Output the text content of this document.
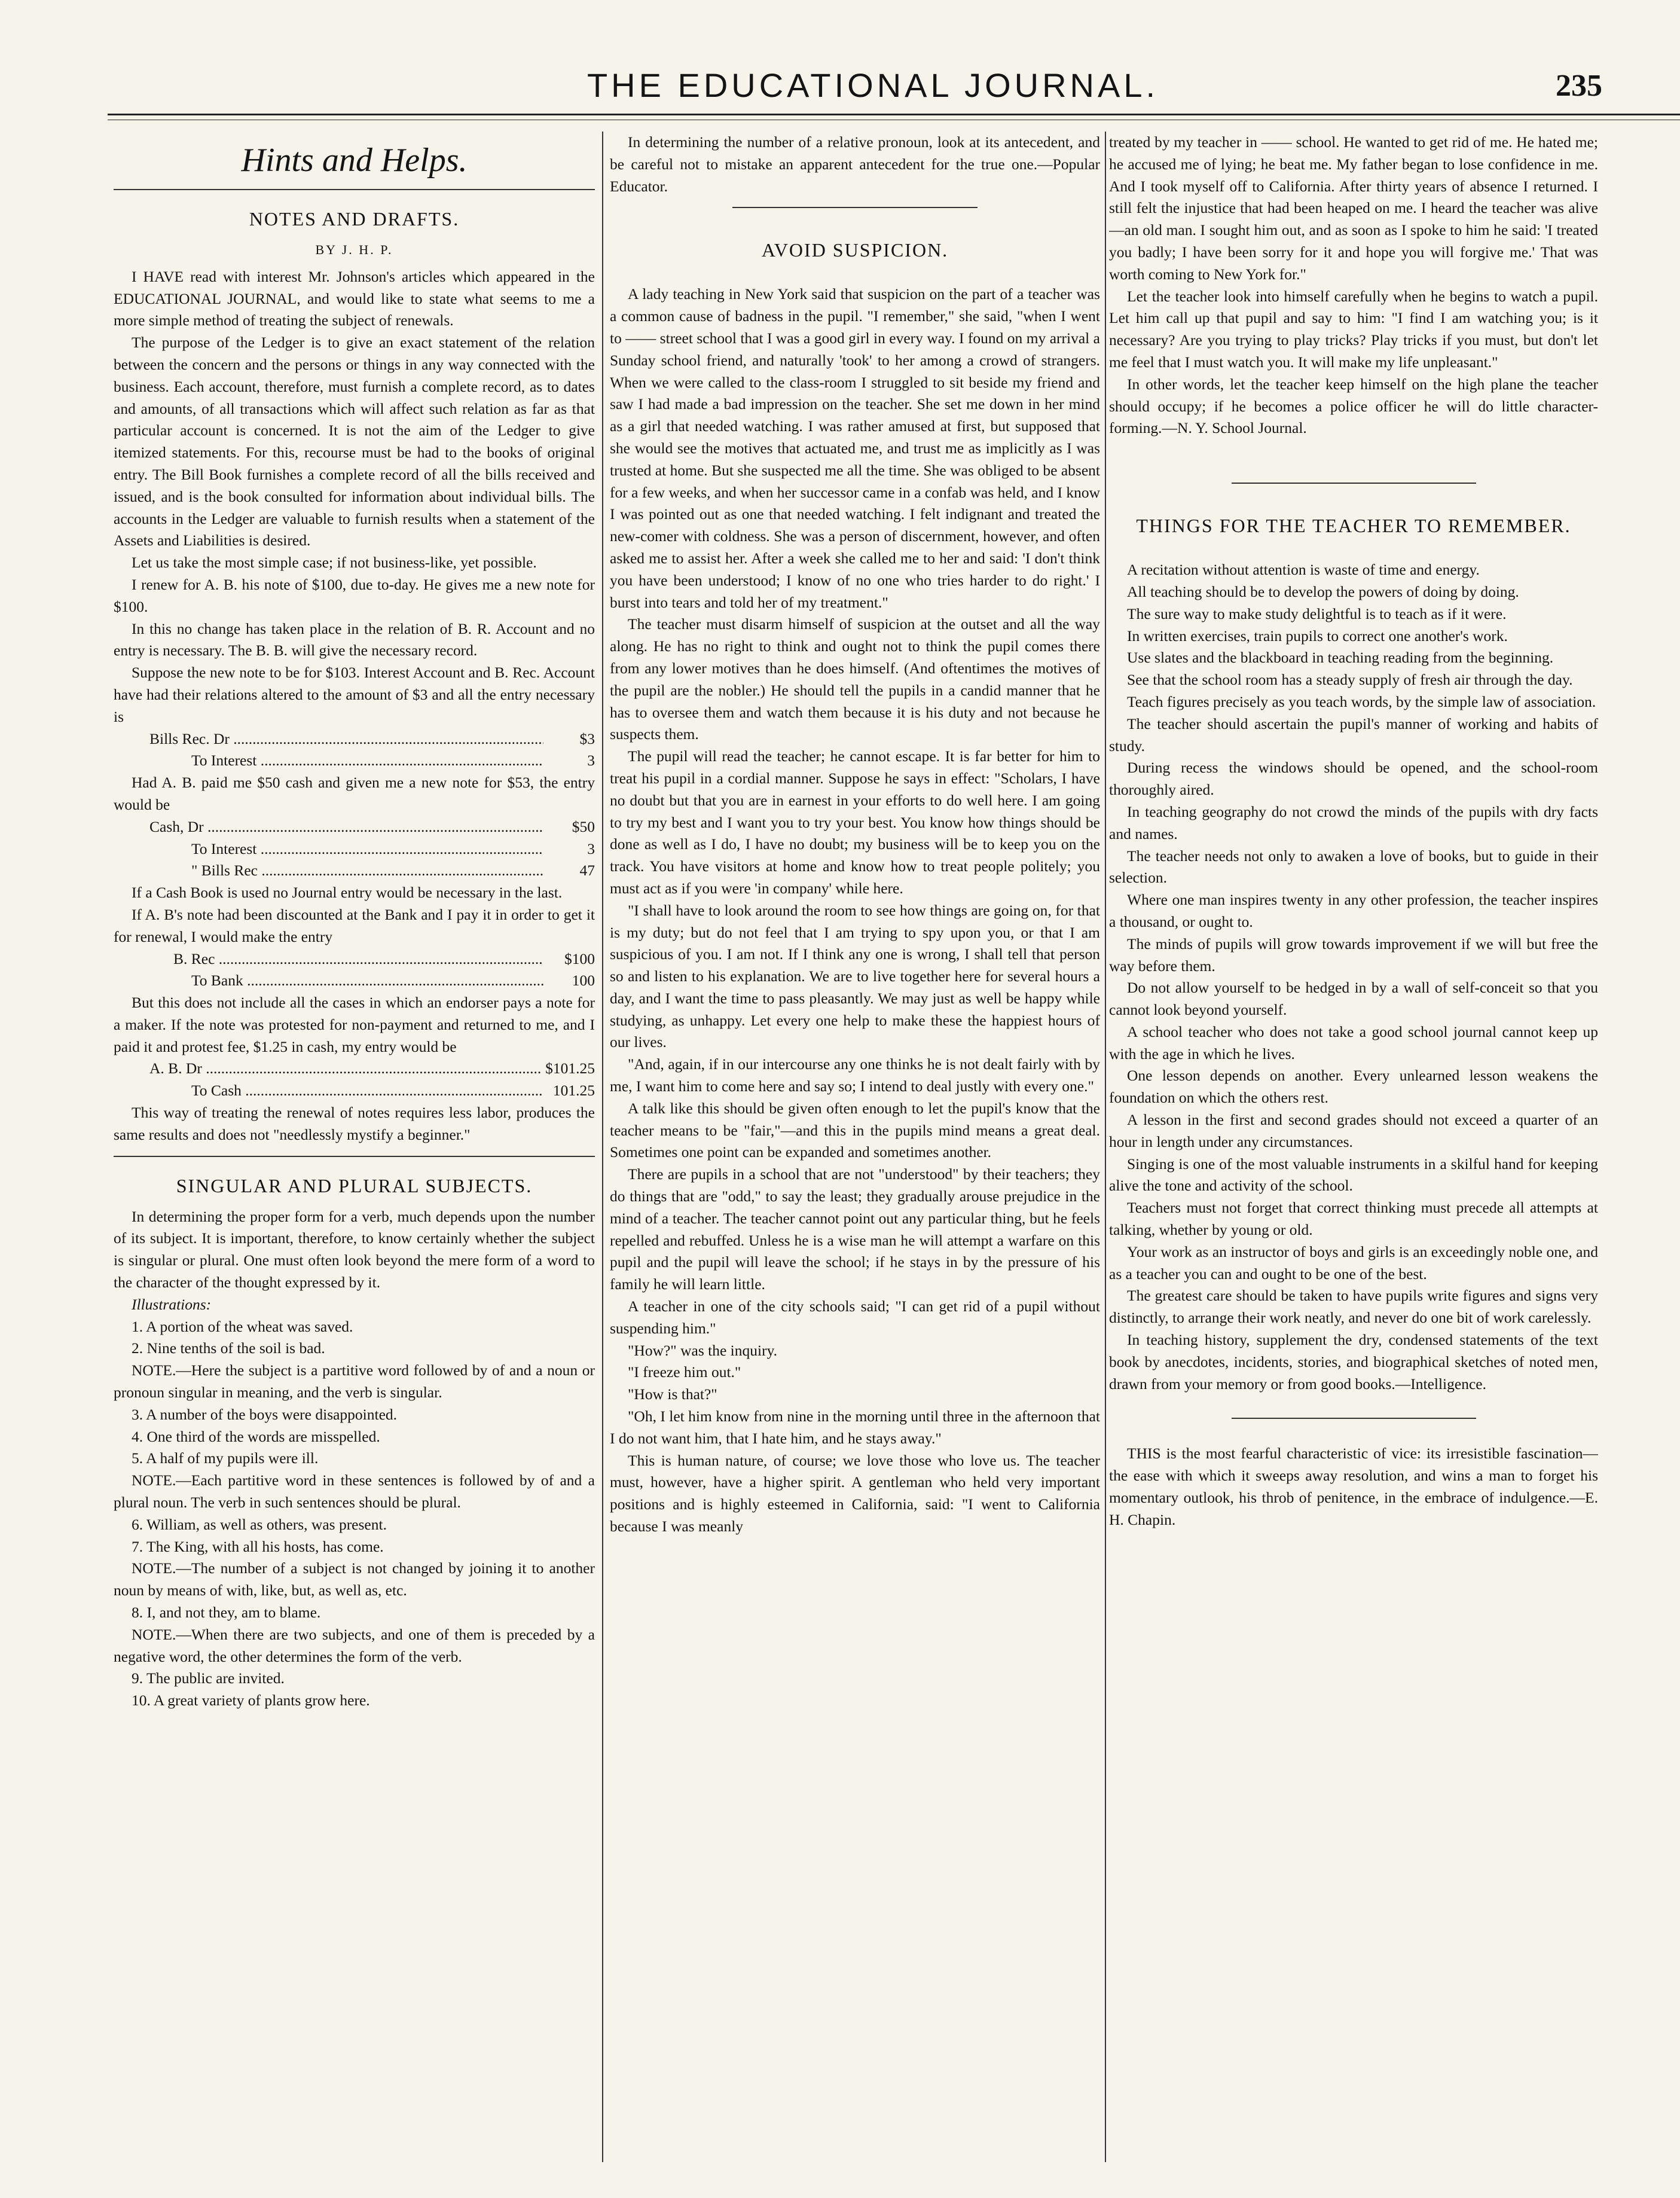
THE EDUCATIONAL JOURNAL.	235
Hints and Helps.
NOTES AND DRAFTS.
BY J. H. P.

I HAVE read with interest Mr. Johnson's articles which appeared in the EDUCATIONAL JOURNAL, and would like to state what seems to me a more simple method of treating the subject of renewals.

The purpose of the Ledger is to give an exact statement of the relation between the concern and the persons or things in any way connected with the business. Each account, therefore, must furnish a complete record, as to dates and amounts, of all transactions which will affect such relation as far as that particular account is concerned. It is not the aim of the Ledger to give itemized statements. For this, recourse must be had to the books of original entry. The Bill Book furnishes a complete record of all the bills received and issued, and is the book consulted for information about individual bills. The accounts in the Ledger are valuable to furnish results when a statement of the Assets and Liabilities is desired.

Let us take the most simple case; if not business-like, yet possible.

I renew for A. B. his note of $100, due to-day. He gives me a new note for $100.

In this no change has taken place in the relation of B. R. Account and no entry is necessary. The B. B. will give the necessary record.

Suppose the new note to be for $103. Interest Account and B. Rec. Account have had their relations altered to the amount of $3 and all the entry necessary is

Bills Rec. Dr .....	$3
To Interest .....	3

Had A. B. paid me $50 cash and given me a new note for $53, the entry would be

Cash, Dr .....	$50
To Interest .....	3
" Bills Rec .....	47

If a Cash Book is used no Journal entry would be necessary in the last.

If A. B's note had been discounted at the Bank and I pay it in order to get it for renewal, I would make the entry

B. Rec .....	$100
To Bank .....	100

But this does not include all the cases in which an endorser pays a note for a maker. If the note was protested for non-payment and returned to me, and I paid it and protest fee, $1.25 in cash, my entry would be

A. B. Dr .....	$101.25
To Cash .....	101.25

This way of treating the renewal of notes requires less labor, produces the same results and does not "needlessly mystify a beginner."

SINGULAR AND PLURAL SUBJECTS.

In determining the proper form for a verb, much depends upon the number of its subject. It is important, therefore, to know certainly whether the subject is singular or plural. One must often look beyond the mere form of a word to the character of the thought expressed by it.

Illustrations:

1. A portion of the wheat was saved.

2. Nine tenths of the soil is bad.

NOTE.—Here the subject is a partitive word followed by of and a noun or pronoun singular in meaning, and the verb is singular.

3. A number of the boys were disappointed.

4. One third of the words are misspelled.

5. A half of my pupils were ill.

NOTE.—Each partitive word in these sentences is followed by of and a plural noun. The verb in such sentences should be plural.

6. William, as well as others, was present.

7. The King, with all his hosts, has come.

NOTE.—The number of a subject is not changed by joining it to another noun by means of with, like, but, as well as, etc.

8. I, and not they, am to blame.

NOTE.—When there are two subjects, and one of them is preceded by a negative word, the other determines the form of the verb.

9. The public are invited.

10. A great variety of plants grow here.

In determining the number of a relative pronoun, look at its antecedent, and be careful not to mistake an apparent antecedent for the true one.—Popular Educator.

AVOID SUSPICION.

A lady teaching in New York said that suspicion on the part of a teacher was a common cause of badness in the pupil. "I remember," she said, "when I went to —— street school that I was a good girl in every way. I found on my arrival a Sunday school friend, and naturally 'took' to her among a crowd of strangers. When we were called to the class-room I struggled to sit beside my friend and saw I had made a bad impression on the teacher. She set me down in her mind as a girl that needed watching. I was rather amused at first, but supposed that she would see the motives that actuated me, and trust me as implicitly as I was trusted at home. But she suspected me all the time. She was obliged to be absent for a few weeks, and when her successor came in a confab was held, and I know I was pointed out as one that needed watching. I felt indignant and treated the new-comer with coldness. She was a person of discernment, however, and often asked me to assist her. After a week she called me to her and said: 'I don't think you have been understood; I know of no one who tries harder to do right.' I burst into tears and told her of my treatment."

The teacher must disarm himself of suspicion at the outset and all the way along. He has no right to think and ought not to think the pupil comes there from any lower motives than he does himself. (And oftentimes the motives of the pupil are the nobler.) He should tell the pupils in a candid manner that he has to oversee them and watch them because it is his duty and not because he suspects them.

The pupil will read the teacher; he cannot escape. It is far better for him to treat his pupil in a cordial manner. Suppose he says in effect: "Scholars, I have no doubt but that you are in earnest in your efforts to do well here. I am going to try my best and I want you to try your best. You know how things should be done as well as I do, I have no doubt; my business will be to keep you on the track. You have visitors at home and know how to treat people politely; you must act as if you were 'in company' while here.

"I shall have to look around the room to see how things are going on, for that is my duty; but do not feel that I am trying to spy upon you, or that I am suspicious of you. I am not. If I think any one is wrong, I shall tell that person so and listen to his explanation. We are to live together here for several hours a day, and I want the time to pass pleasantly. We may just as well be happy while studying, as unhappy. Let every one help to make these the happiest hours of our lives.

"And, again, if in our intercourse any one thinks he is not dealt fairly with by me, I want him to come here and say so; I intend to deal justly with every one."

A talk like this should be given often enough to let the pupil's know that the teacher means to be "fair,"—and this in the pupils mind means a great deal. Sometimes one point can be expanded and sometimes another.

There are pupils in a school that are not "understood" by their teachers; they do things that are "odd," to say the least; they gradually arouse prejudice in the mind of a teacher. The teacher cannot point out any particular thing, but he feels repelled and rebuffed. Unless he is a wise man he will attempt a warfare on this pupil and the pupil will leave the school; if he stays in by the pressure of his family he will learn little.

A teacher in one of the city schools said; "I can get rid of a pupil without suspending him."

"How?" was the inquiry.

"I freeze him out."

"How is that?"

"Oh, I let him know from nine in the morning until three in the afternoon that I do not want him, that I hate him, and he stays away."

This is human nature, of course; we love those who love us. The teacher must, however, have a higher spirit. A gentleman who held very important positions and is highly esteemed in California, said: "I went to California because I was meanly

treated by my teacher in —— school. He wanted to get rid of me. He hated me; he accused me of lying; he beat me. My father began to lose confidence in me. And I took myself off to California. After thirty years of absence I returned. I still felt the injustice that had been heaped on me. I heard the teacher was alive—an old man. I sought him out, and as soon as I spoke to him he said: 'I treated you badly; I have been sorry for it and hope you will forgive me.' That was worth coming to New York for."

Let the teacher look into himself carefully when he begins to watch a pupil. Let him call up that pupil and say to him: "I find I am watching you; is it necessary? Are you trying to play tricks? Play tricks if you must, but don't let me feel that I must watch you. It will make my life unpleasant."

In other words, let the teacher keep himself on the high plane the teacher should occupy; if he becomes a police officer he will do little character-forming.—N. Y. School Journal.

THINGS FOR THE TEACHER TO REMEMBER.

A recitation without attention is waste of time and energy.

All teaching should be to develop the powers of doing by doing.

The sure way to make study delightful is to teach as if it were.

In written exercises, train pupils to correct one another's work.

Use slates and the blackboard in teaching reading from the beginning.

See that the school room has a steady supply of fresh air through the day.

Teach figures precisely as you teach words, by the simple law of association.

The teacher should ascertain the pupil's manner of working and habits of study.

During recess the windows should be opened, and the school-room thoroughly aired.

In teaching geography do not crowd the minds of the pupils with dry facts and names.

The teacher needs not only to awaken a love of books, but to guide in their selection.

Where one man inspires twenty in any other profession, the teacher inspires a thousand, or ought to.

The minds of pupils will grow towards improvement if we will but free the way before them.

Do not allow yourself to be hedged in by a wall of self-conceit so that you cannot look beyond yourself.

A school teacher who does not take a good school journal cannot keep up with the age in which he lives.

One lesson depends on another. Every unlearned lesson weakens the foundation on which the others rest.

A lesson in the first and second grades should not exceed a quarter of an hour in length under any circumstances.

Singing is one of the most valuable instruments in a skilful hand for keeping alive the tone and activity of the school.

Teachers must not forget that correct thinking must precede all attempts at talking, whether by young or old.

Your work as an instructor of boys and girls is an exceedingly noble one, and as a teacher you can and ought to be one of the best.

The greatest care should be taken to have pupils write figures and signs very distinctly, to arrange their work neatly, and never do one bit of work carelessly.

In teaching history, supplement the dry, condensed statements of the text book by anecdotes, incidents, stories, and biographical sketches of noted men, drawn from your memory or from good books.—Intelligence.

THIS is the most fearful characteristic of vice: its irresistible fascination—the ease with which it sweeps away resolution, and wins a man to forget his momentary outlook, his throb of penitence, in the embrace of indulgence.—E. H. Chapin.
